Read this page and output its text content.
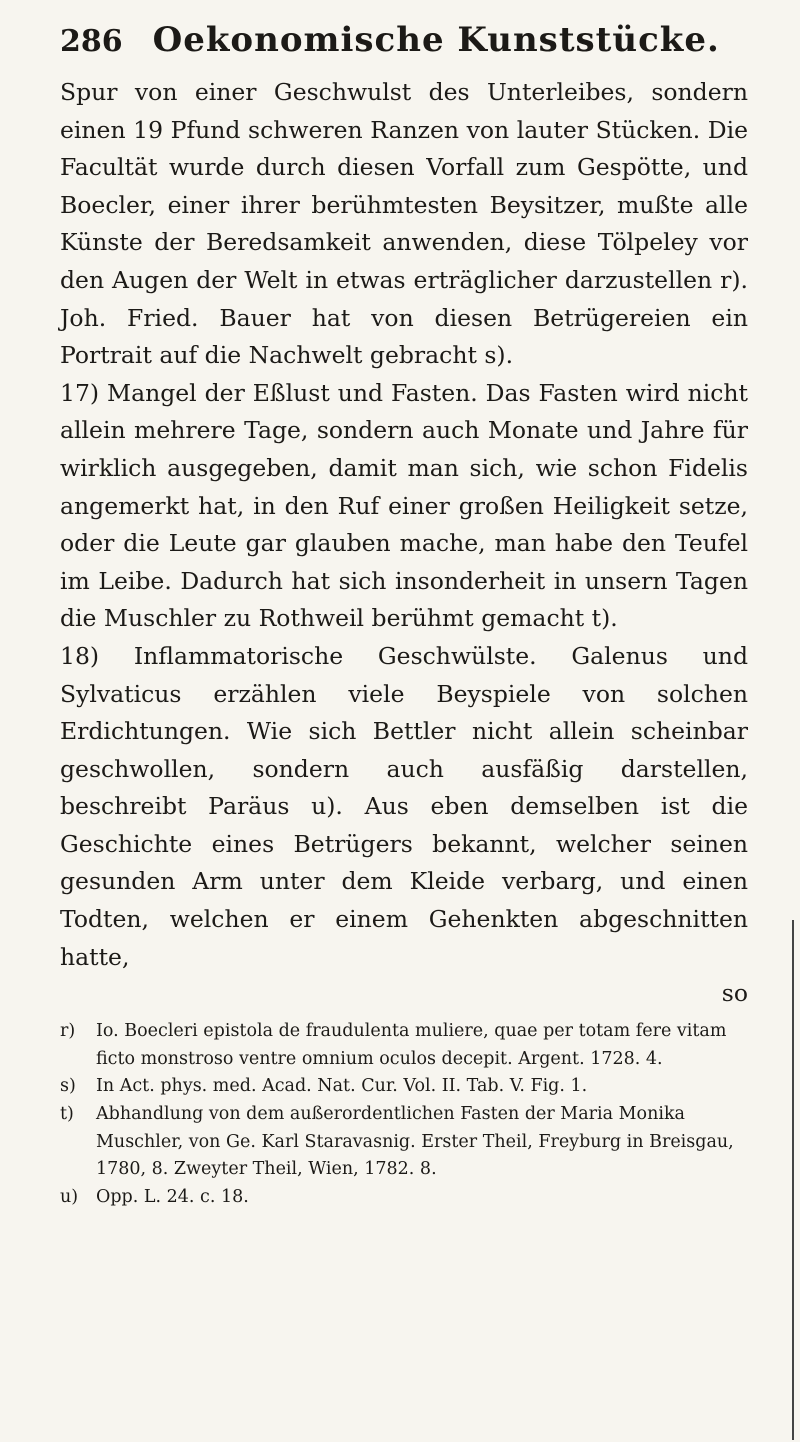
286 Oekonomische Kunststücke.

Spur von einer Geschwulst des Unterleibes, sondern einen 19 Pfund schweren Ranzen von lauter Stücken. Die Facultät wurde durch diesen Vorfall zum Gespötte, und Boecler, einer ihrer berühmtesten Beysitzer, mußte alle Künste der Beredsamkeit anwenden, diese Tölpeley vor den Augen der Welt in etwas erträglicher darzustellen r). Joh. Fried. Bauer hat von diesen Betrügereien ein Portrait auf die Nachwelt gebracht s).

17) Mangel der Eßlust und Fasten. Das Fasten wird nicht allein mehrere Tage, sondern auch Monate und Jahre für wirklich ausgegeben, damit man sich, wie schon Fidelis angemerkt hat, in den Ruf einer großen Heiligkeit setze, oder die Leute gar glauben mache, man habe den Teufel im Leibe. Dadurch hat sich insonderheit in unsern Tagen die Muschler zu Rothweil berühmt gemacht t).

18) Inflammatorische Geschwülste. Galenus und Sylvaticus erzählen viele Beyspiele von solchen Erdichtungen. Wie sich Bettler nicht allein scheinbar geschwollen, sondern auch ausfäßig darstellen, beschreibt Paräus u). Aus eben demselben ist die Geschichte eines Betrügers bekannt, welcher seinen gesunden Arm unter dem Kleide verbarg, und einen Todten, welchen er einem Gehenkten abgeschnitten hatte,

so

r) Io. Boecleri epistola de fraudulenta muliere, quae per totam fere vitam ficto monstroso ventre omnium oculos decepit. Argent. 1728. 4.

s) In Act. phys. med. Acad. Nat. Cur. Vol. II. Tab. V. Fig. 1.

t) Abhandlung von dem außerordentlichen Fasten der Maria Monika Muschler, von Ge. Karl Staravasnig. Erster Theil, Freyburg in Breisgau, 1780, 8. Zweyter Theil, Wien, 1782. 8.

u) Opp. L. 24. c. 18.
